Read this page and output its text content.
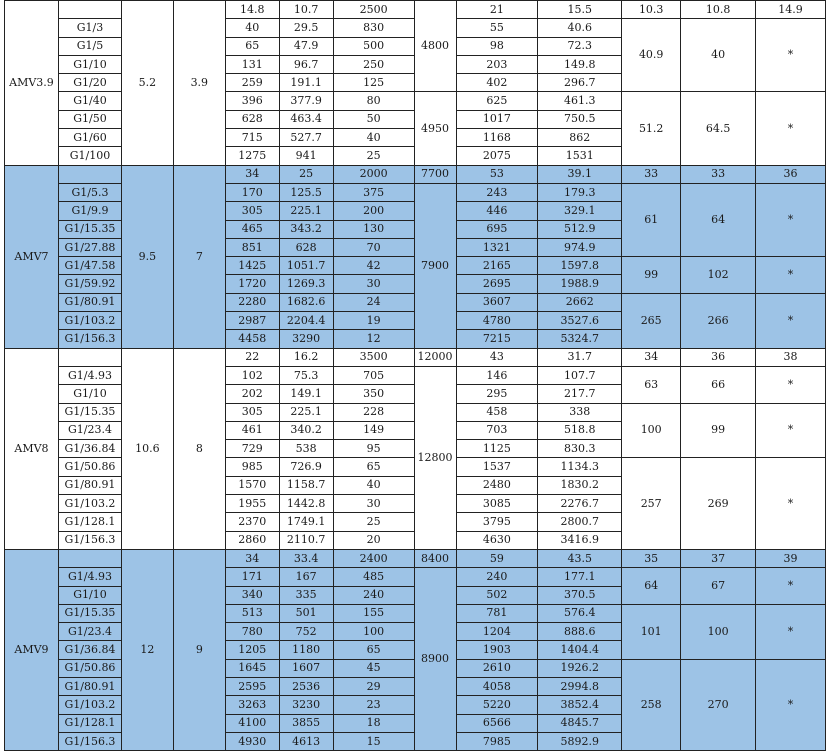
AMV3.9		5.2	3.9	14.8	10.7	2500	4800	21	15.5	10.3	10.8	14.9
	G1/3			40	29.5	830		55	40.6	40.9	40	*
	G1/5			65	47.9	500		98	72.3			
	G1/10			131	96.7	250		203	149.8			
	G1/20			259	191.1	125		402	296.7			
	G1/40			396	377.9	80	4950	625	461.3	51.2	64.5	*
	G1/50			628	463.4	50		1017	750.5			
	G1/60			715	527.7	40		1168	862			
	G1/100			1275	941	25		2075	1531			
AMV7		9.5	7	34	25	2000	7700	53	39.1	33	33	36
	G1/5.3			170	125.5	375	7900	243	179.3	61	64	*
	G1/9.9			305	225.1	200		446	329.1			
	G1/15.35			465	343.2	130		695	512.9			
	G1/27.88			851	628	70		1321	974.9			
	G1/47.58			1425	1051.7	42		2165	1597.8	99	102	*
	G1/59.92			1720	1269.3	30		2695	1988.9			
	G1/80.91			2280	1682.6	24		3607	2662	265	266	*
	G1/103.2			2987	2204.4	19		4780	3527.6			
	G1/156.3			4458	3290	12		7215	5324.7			
AMV8		10.6	8	22	16.2	3500	12000	43	31.7	34	36	38
	G1/4.93			102	75.3	705	12800	146	107.7	63	66	*
	G1/10			202	149.1	350		295	217.7			
	G1/15.35			305	225.1	228		458	338	100	99	*
	G1/23.4			461	340.2	149		703	518.8			
	G1/36.84			729	538	95		1125	830.3			
	G1/50.86			985	726.9	65		1537	1134.3	257	269	*
	G1/80.91			1570	1158.7	40		2480	1830.2			
	G1/103.2			1955	1442.8	30		3085	2276.7			
	G1/128.1			2370	1749.1	25		3795	2800.7			
	G1/156.3			2860	2110.7	20		4630	3416.9			
AMV9		12	9	34	33.4	2400	8400	59	43.5	35	37	39
	G1/4.93			171	167	485	8900	240	177.1	64	67	*
	G1/10			340	335	240		502	370.5			
	G1/15.35			513	501	155		781	576.4	101	100	*
	G1/23.4			780	752	100		1204	888.6			
	G1/36.84			1205	1180	65		1903	1404.4			
	G1/50.86			1645	1607	45		2610	1926.2	258	270	*
	G1/80.91			2595	2536	29		4058	2994.8			
	G1/103.2			3263	3230	23		5220	3852.4			
	G1/128.1			4100	3855	18		6566	4845.7			
	G1/156.3			4930	4613	15		7985	5892.9			
